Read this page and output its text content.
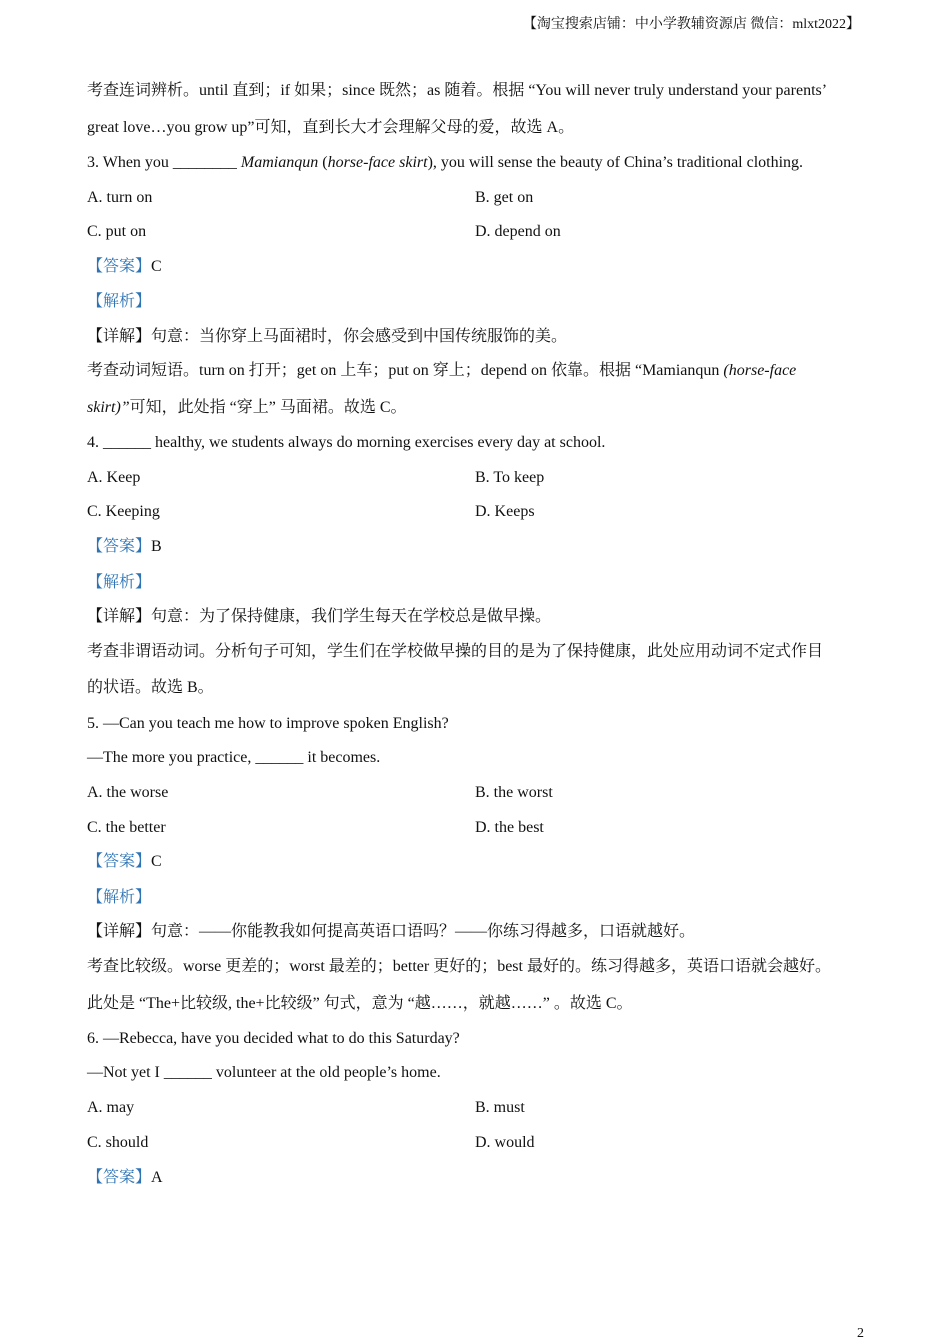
【淘宝搜索店铺：中小学教辅资源店 微信：mlxt2022】
考查连词辨析。until 直到；if 如果；since 既然；as 随着。根据 “You will never truly understand your parents’
great love…you grow up”可知，直到长大才会理解父母的爱，故选 A。
3. When you ________ Mamianqun (horse-face skirt), you will sense the beauty of China’s traditional clothing.
A. turn on	B. get on
C. put on	D. depend on
【答案】C
【解析】
【详解】句意：当你穿上马面裙时，你会感受到中国传统服饰的美。
考查动词短语。turn on 打开；get on 上车；put on 穿上；depend on 依靠。根据 “Mamianqun (horse-face
skirt)”可知，此处指 “穿上” 马面裙。故选 C。
4. ______ healthy, we students always do morning exercises every day at school.
A. Keep	B. To keep
C. Keeping	D. Keeps
【答案】B
【解析】
【详解】句意：为了保持健康，我们学生每天在学校总是做早操。
考查非谓语动词。分析句子可知，学生们在学校做早操的目的是为了保持健康，此处应用动词不定式作目
的状语。故选 B。
5. —Can you teach me how to improve spoken English?
—The more you practice, ______ it becomes.
A. the worse	B. the worst
C. the better	D. the best
【答案】C
【解析】
【详解】句意：——你能教我如何提高英语口语吗？——你练习得越多，口语就越好。
考查比较级。worse 更差的；worst 最差的；better 更好的；best 最好的。练习得越多，英语口语就会越好。
此处是 “The+比较级, the+比较级” 句式，意为 “越……，就越……” 。故选 C。
6. —Rebecca, have you decided what to do this Saturday?
—Not yet I ______ volunteer at the old people’s home.
A. may	B. must
C. should	D. would
【答案】A
2
